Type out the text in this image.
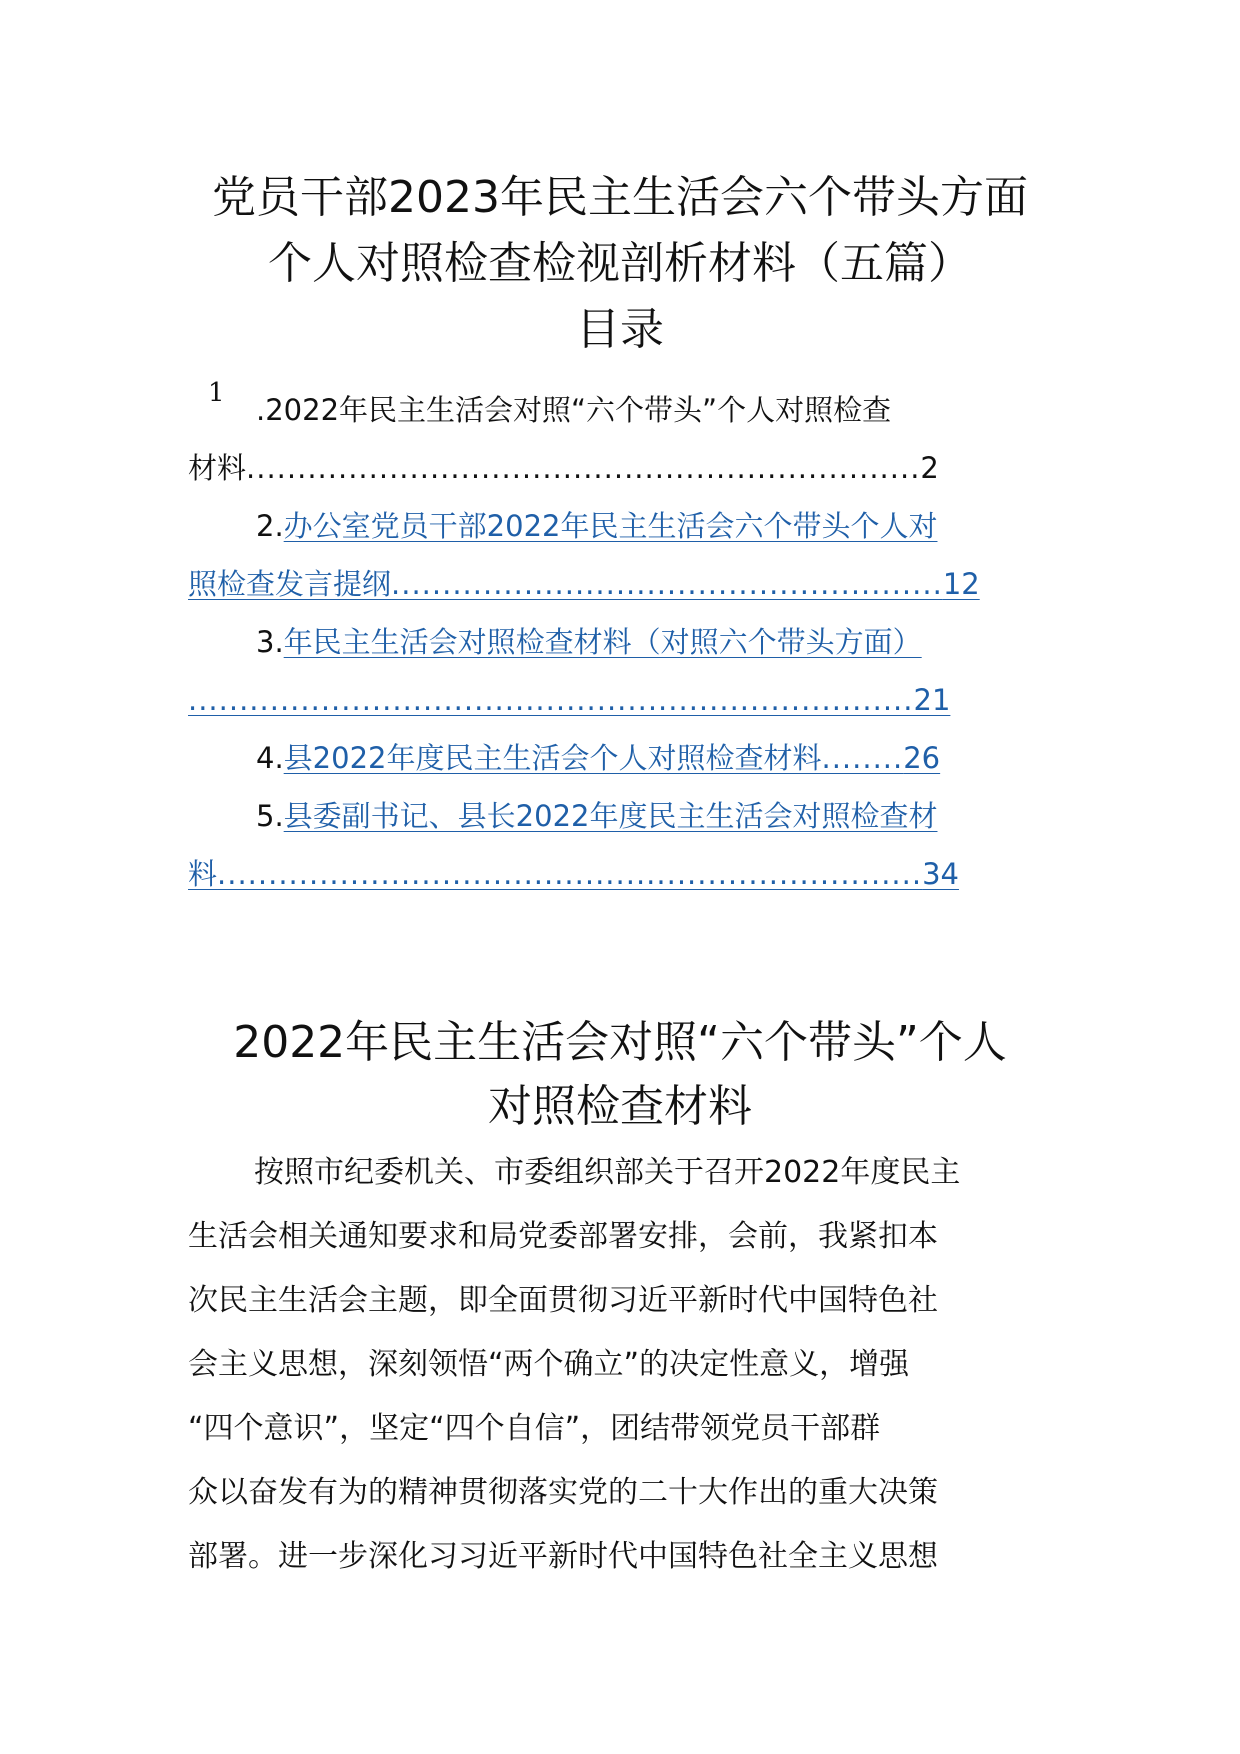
党员干部2023年民主生活会六个带头方面
个人对照检查检视剖析材料（五篇）
目录
1	.2022年民主生活会对照“六个带头”个人对照检查
材料..................................................................2
2.办公室党员干部2022年民主生活会六个带头个人对
照检查发言提纲......................................................12
3.年民主生活会对照检查材料（对照六个带头方面）
.......................................................................21
4.县2022年度民主生活会个人对照检查材料........26
5.县委副书记、县长2022年度民主生活会对照检查材
料.....................................................................34
2022年民主生活会对照“六个带头”个人
对照检查材料
按照市纪委机关、市委组织部关于召开2022年度民主
生活会相关通知要求和局党委部署安排，会前，我紧扣本
次民主生活会主题，即全面贯彻习近平新时代中国特色社
会主义思想，深刻领悟“两个确立”的决定性意义，增强
“四个意识”，坚定“四个自信”，团结带领党员干部群
众以奋发有为的精神贯彻落实党的二十大作出的重大决策
部署。进一步深化习习近平新时代中国特色社全主义思想
